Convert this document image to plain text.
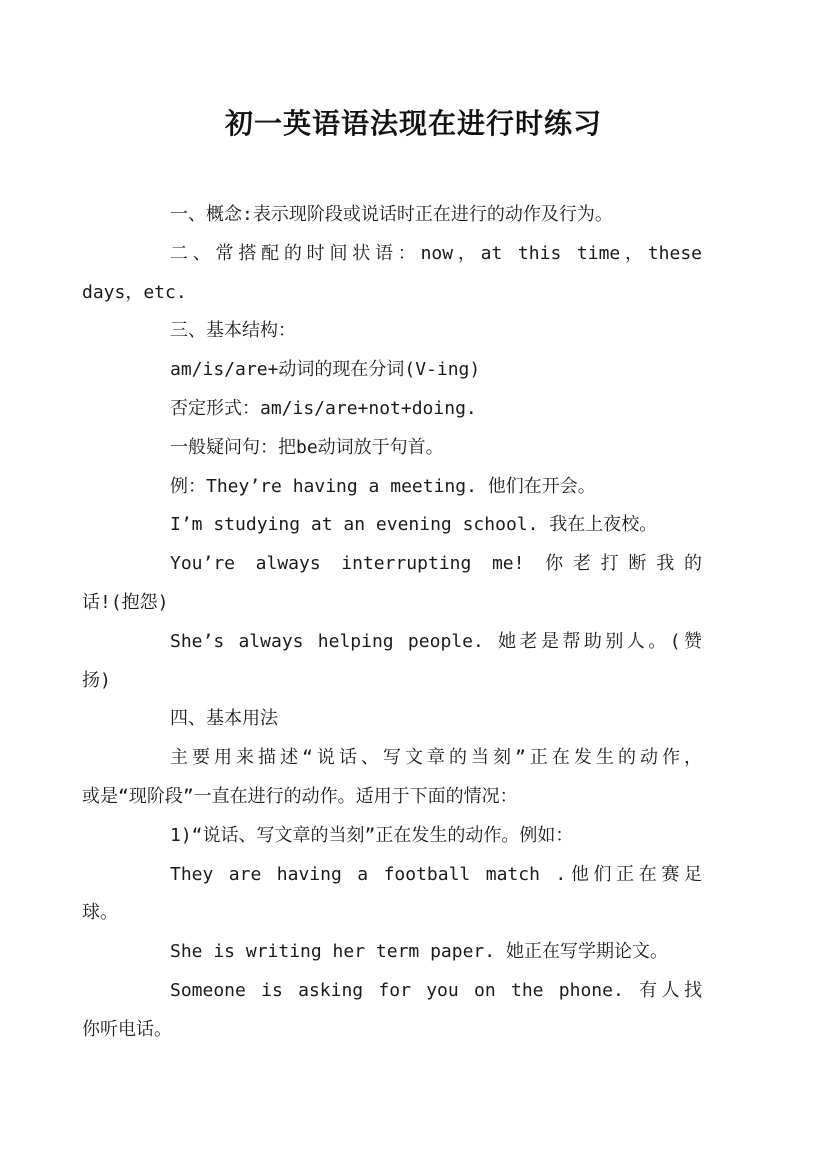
初一英语语法现在进行时练习
一、概念:表示现阶段或说话时正在进行的动作及行为。
二、常搭配的时间状语：now，at this time，these
days，etc.
三、基本结构：
am/is/are+动词的现在分词(V-ing)
否定形式：am/is/are+not+doing.
一般疑问句：把be动词放于句首。
例：They’re having a meeting. 他们在开会。
I’m studying at an evening school. 我在上夜校。
You’re always interrupting me! 你老打断我的
话!(抱怨)
She’s always helping people. 她老是帮助别人。(赞
扬)
四、基本用法
主要用来描述“说话、写文章的当刻”正在发生的动作，
或是“现阶段”一直在进行的动作。适用于下面的情况：
1)“说话、写文章的当刻”正在发生的动作。例如：
They are having a football match .他们正在赛足
球。
She is writing her term paper. 她正在写学期论文。
Someone is asking for you on the phone. 有人找
你听电话。
